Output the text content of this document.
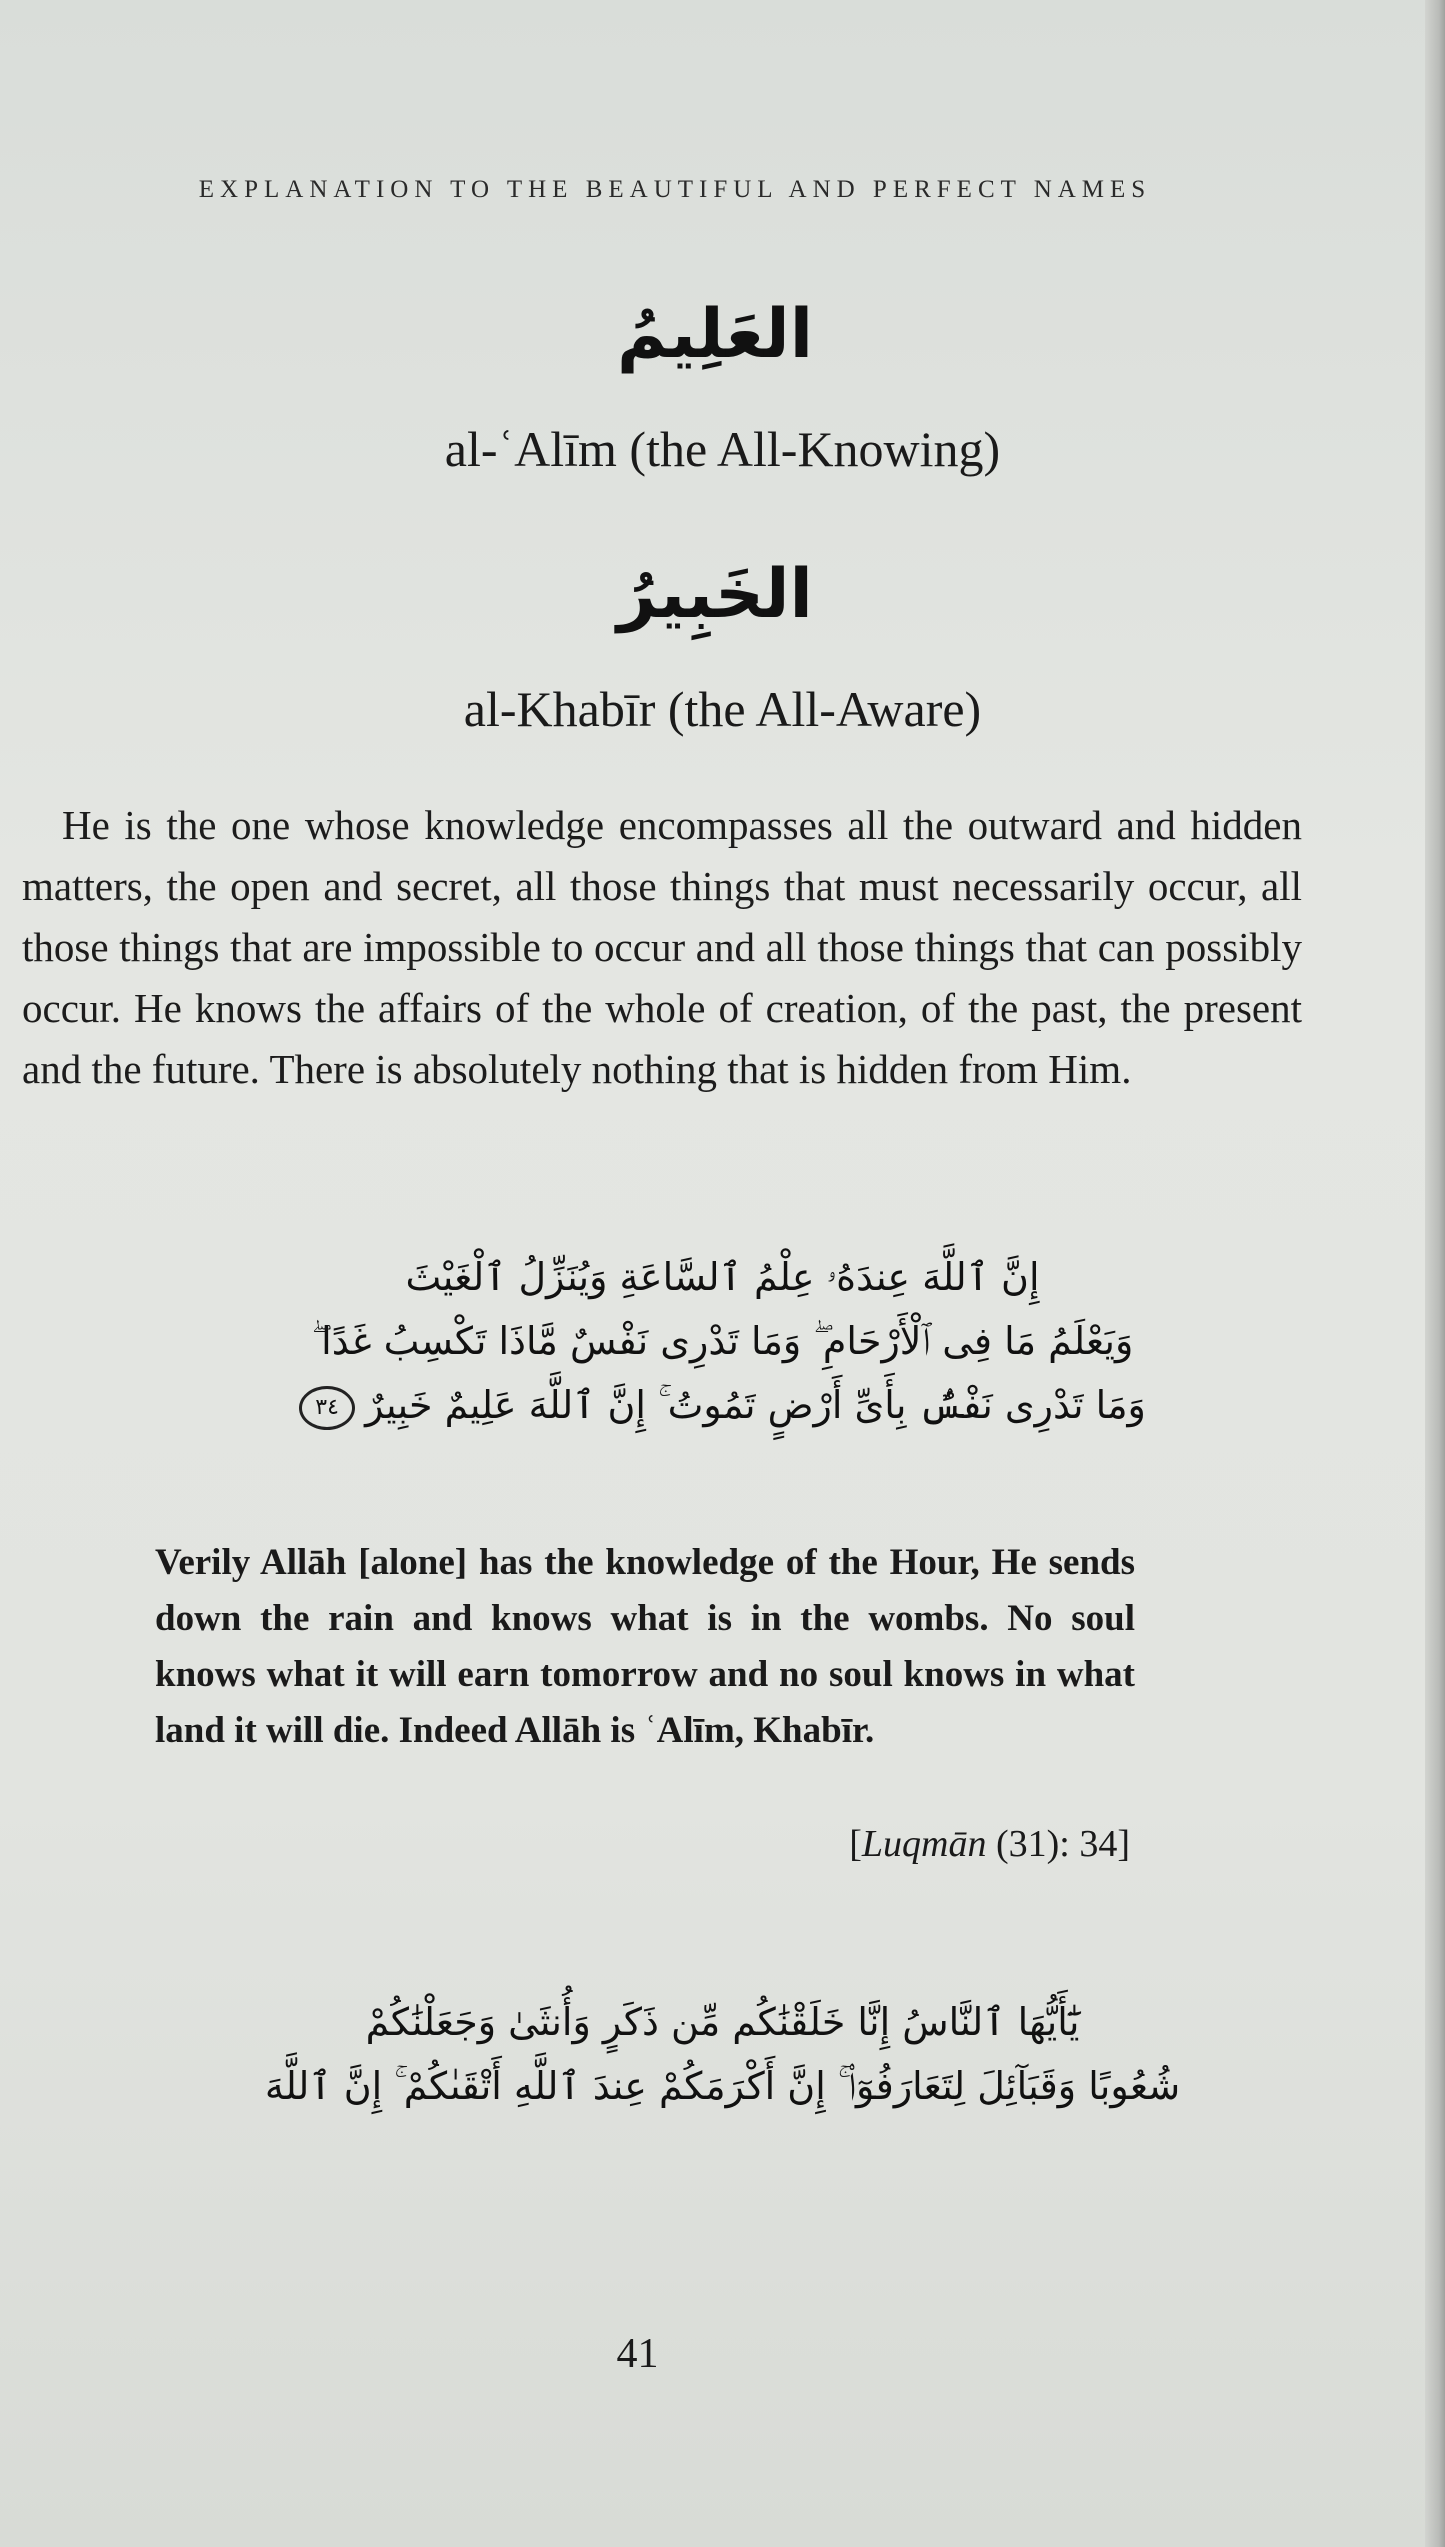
EXPLANATION TO THE BEAUTIFUL AND PERFECT NAMES
العَلِيمُ
al-ʿAlīm (the All-Knowing)
الخَبِيرُ
al-Khabīr (the All-Aware)

He is the one whose knowledge encompasses all the outward and hidden matters, the open and secret, all those things that must necessarily occur, all those things that are impossible to occur and all those things that can possibly occur. He knows the affairs of the whole of creation, of the past, the present and the future. There is absolutely nothing that is hidden from Him.

إِنَّ ٱللَّهَ عِندَهُۥ عِلْمُ ٱلسَّاعَةِ وَيُنَزِّلُ ٱلْغَيْثَ
وَيَعْلَمُ مَا فِى ٱلْأَرْحَامِ ۖ وَمَا تَدْرِى نَفْسٌ مَّاذَا تَكْسِبُ غَدًا ۖ
وَمَا تَدْرِى نَفْسٌۢ بِأَىِّ أَرْضٍ تَمُوتُ ۚ إِنَّ ٱللَّهَ عَلِيمٌ خَبِيرٌ٣٤

Verily Allāh [alone] has the knowledge of the Hour, He sends down the rain and knows what is in the wombs. No soul knows what it will earn tomorrow and no soul knows in what land it will die. Indeed Allāh is ʿAlīm, Khabīr.

[Luqmān (31): 34]
يَٰٓأَيُّهَا ٱلنَّاسُ إِنَّا خَلَقْنَٰكُم مِّن ذَكَرٍ وَأُنثَىٰ وَجَعَلْنَٰكُمْ
شُعُوبًا وَقَبَآئِلَ لِتَعَارَفُوٓا۟ ۚ إِنَّ أَكْرَمَكُمْ عِندَ ٱللَّهِ أَتْقَىٰكُمْ ۚ إِنَّ ٱللَّهَ
41
